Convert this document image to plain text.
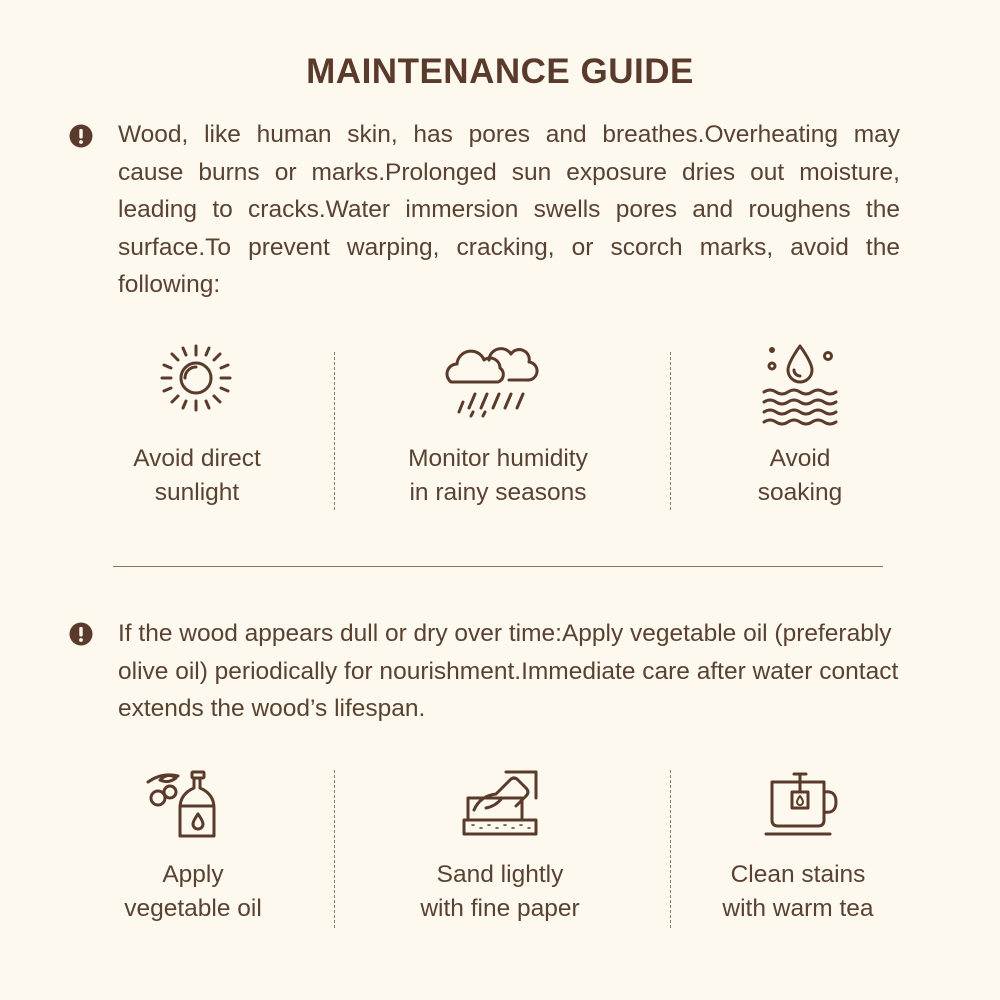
MAINTENANCE GUIDE
Wood, like human skin, has pores and breathes.Overheating may cause burns or marks.Prolonged sun exposure dries out moisture, leading to cracks.Water immersion swells pores and roughens the surface.To prevent warping, cracking, or scorch marks, avoid the following:
Avoid direct
sunlight
Monitor humidity
in rainy seasons
Avoid
soaking
If the wood appears dull or dry over time:Apply vegetable oil (preferably olive oil) periodically for nourishment.Immediate care after water contact extends the wood’s lifespan.
Apply
vegetable oil
Sand lightly
with fine paper
Clean stains
with warm tea
